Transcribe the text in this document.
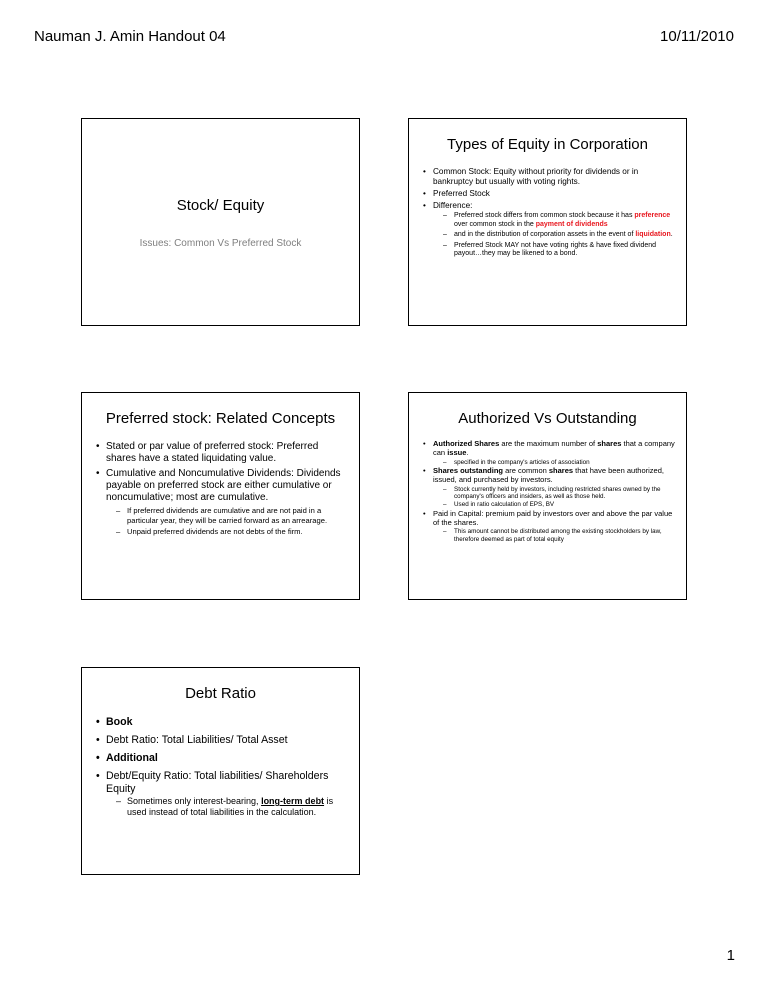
Nauman J. Amin Handout 04	10/11/2010
Stock/ Equity
Issues: Common Vs Preferred Stock
Types of Equity in Corporation
• Common Stock: Equity without priority for dividends or in bankruptcy but usually with voting rights.
• Preferred Stock
• Difference:
– Preferred stock differs from common stock because it has preference over common stock in the payment of dividends
– and in the distribution of corporation assets in the event of liquidation.
– Preferred Stock MAY not have voting rights & have fixed dividend payout…they may be likened to a bond.
Preferred stock: Related Concepts
• Stated or par value of preferred stock: Preferred shares have a stated liquidating value.
• Cumulative and Noncumulative Dividends: Dividends payable on preferred stock are either cumulative or noncumulative; most are cumulative.
– If preferred dividends are cumulative and are not paid in a particular year, they will be carried forward as an arrearage.
– Unpaid preferred dividends are not debts of the firm.
Authorized Vs Outstanding
• Authorized Shares are the maximum number of shares that a company can issue.
– specified in the company's articles of association
• Shares outstanding are common shares that have been authorized, issued, and purchased by investors.
– Stock currently held by investors, including restricted shares owned by the company's officers and insiders, as well as those held.
– Used in ratio calculation of EPS, BV
• Paid in Capital: premium paid by investors over and above the par value of the shares.
– This amount cannot be distributed among the existing stockholders by law, therefore deemed as part of total equity
Debt Ratio
• Book
• Debt Ratio: Total Liabilities/ Total Asset
• Additional
• Debt/Equity Ratio: Total liabilities/ Shareholders Equity
– Sometimes only interest-bearing, long-term debt is used instead of total liabilities in the calculation.
1
